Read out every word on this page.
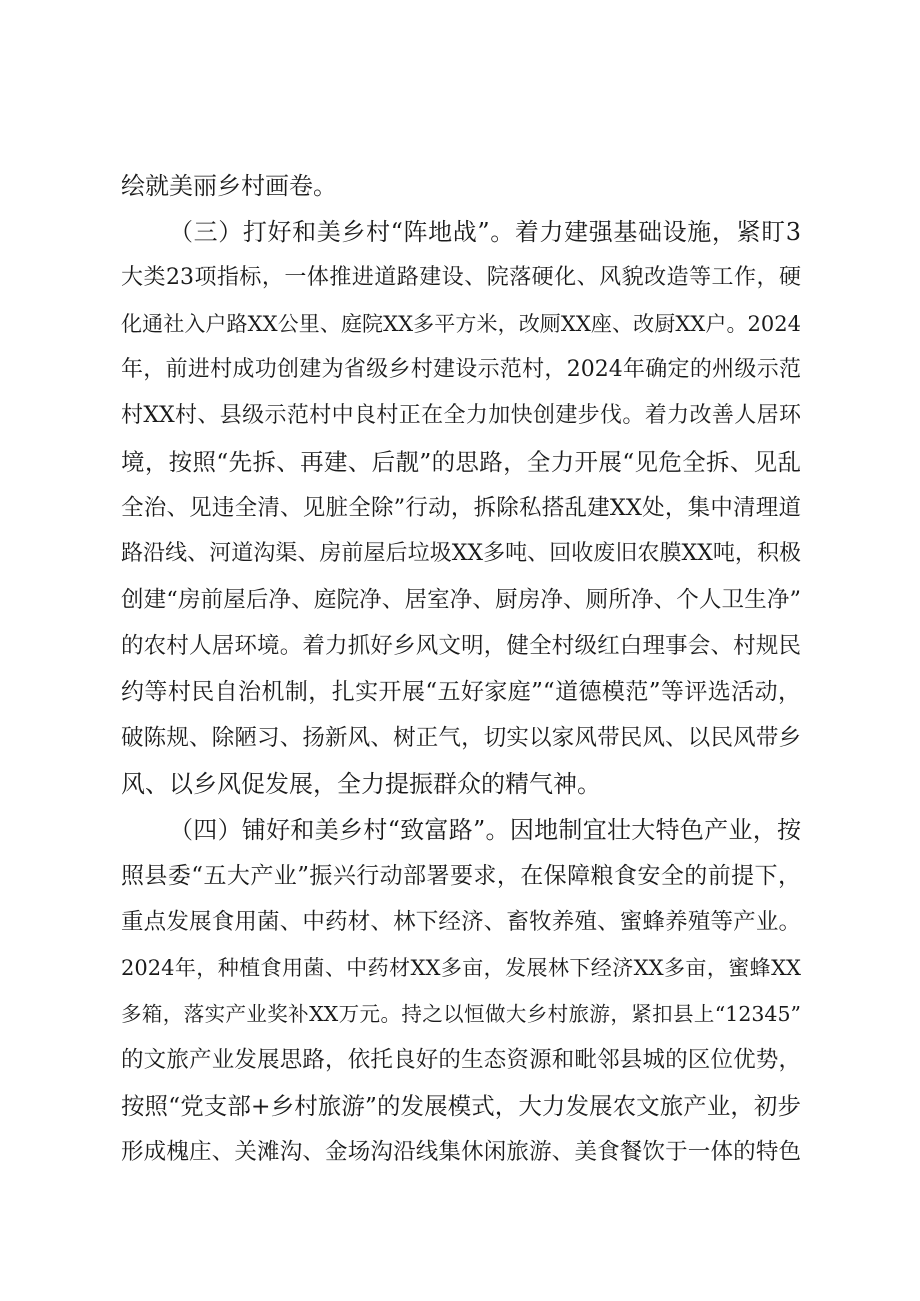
绘就美丽乡村画卷。
（三）打好和美乡村“阵地战”。着力建强基础设施，紧盯3
大类23项指标，一体推进道路建设、院落硬化、风貌改造等工作，硬
化通社入户路XX公里、庭院XX多平方米，改厕XX座、改厨XX户。2024
年，前进村成功创建为省级乡村建设示范村，2024年确定的州级示范
村XX村、县级示范村中良村正在全力加快创建步伐。着力改善人居环
境，按照“先拆、再建、后靓”的思路，全力开展“见危全拆、见乱
全治、见违全清、见脏全除”行动，拆除私搭乱建XX处，集中清理道
路沿线、河道沟渠、房前屋后垃圾XX多吨、回收废旧农膜XX吨，积极
创建“房前屋后净、庭院净、居室净、厨房净、厕所净、个人卫生净”
的农村人居环境。着力抓好乡风文明，健全村级红白理事会、村规民
约等村民自治机制，扎实开展“五好家庭”“道德模范”等评选活动，
破陈规、除陋习、扬新风、树正气，切实以家风带民风、以民风带乡
风、以乡风促发展，全力提振群众的精气神。
（四）铺好和美乡村“致富路”。因地制宜壮大特色产业，按
照县委“五大产业”振兴行动部署要求，在保障粮食安全的前提下，
重点发展食用菌、中药材、林下经济、畜牧养殖、蜜蜂养殖等产业。
2024年，种植食用菌、中药材XX多亩，发展林下经济XX多亩，蜜蜂XX
多箱，落实产业奖补XX万元。持之以恒做大乡村旅游，紧扣县上“12345”
的文旅产业发展思路，依托良好的生态资源和毗邻县城的区位优势，
按照“党支部+乡村旅游”的发展模式，大力发展农文旅产业，初步
形成槐庄、关滩沟、金场沟沿线集休闲旅游、美食餐饮于一体的特色
